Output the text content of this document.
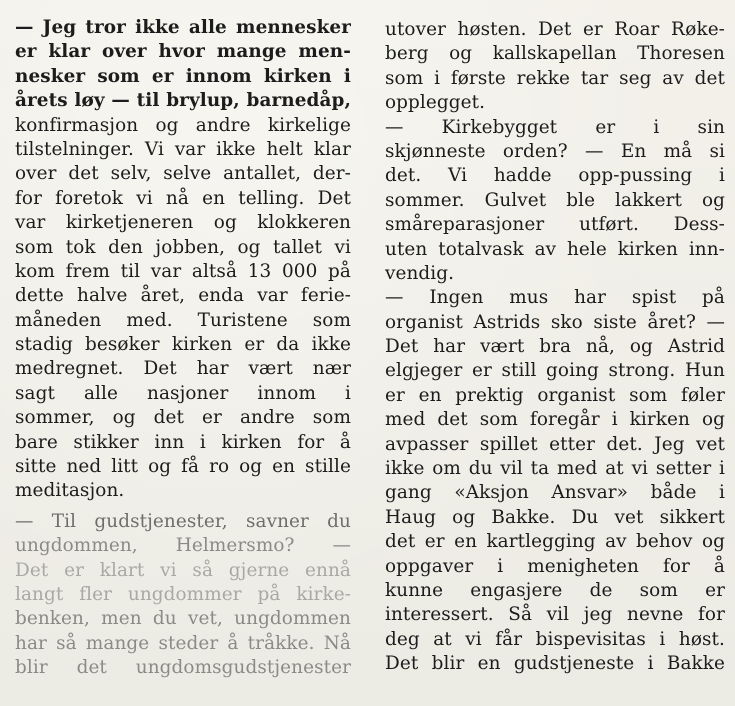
— Jeg tror ikke alle mennesker
er klar over hvor mange men-
nesker som er innom kirken i
årets løy — til brylup, barnedåp,
konfirmasjon og andre kirkelige
tilstelninger. Vi var ikke helt klar
over det selv, selve antallet, der-
for foretok vi nå en telling. Det
var kirketjeneren og klokkeren
som tok den jobben, og tallet vi
kom frem til var altså 13 000 på
dette halve året, enda var ferie-
måneden med. Turistene som
stadig besøker kirken er da ikke
medregnet. Det har vært nær
sagt alle nasjoner innom i
sommer, og det er andre som
bare stikker inn i kirken for å
sitte ned litt og få ro og en stille
meditasjon.
— Til gudstjenester, savner du
ungdommen, Helmersmo? —
Det er klart vi så gjerne ennå
langt fler ungdommer på kirke-
benken, men du vet, ungdommen
har så mange steder å tråkke. Nå
blir det ungdomsgudstjenester
utover høsten. Det er Roar Røke-
berg og kallskapellan Thoresen
som i første rekke tar seg av det
opplegget.
— Kirkebygget er i sin
skjønneste orden? — En må si
det. Vi hadde opp-pussing i
sommer. Gulvet ble lakkert og
småreparasjoner utført. Dess-
uten totalvask av hele kirken inn-
vendig.
— Ingen mus har spist på
organist Astrids sko siste året? —
Det har vært bra nå, og Astrid
elgjeger er still going strong. Hun
er en prektig organist som føler
med det som foregår i kirken og
avpasser spillet etter det. Jeg vet
ikke om du vil ta med at vi setter i
gang «Aksjon Ansvar» både i
Haug og Bakke. Du vet sikkert
det er en kartlegging av behov og
oppgaver i menigheten for å
kunne engasjere de som er
interessert. Så vil jeg nevne for
deg at vi får bispevisitas i høst.
Det blir en gudstjeneste i Bakke
